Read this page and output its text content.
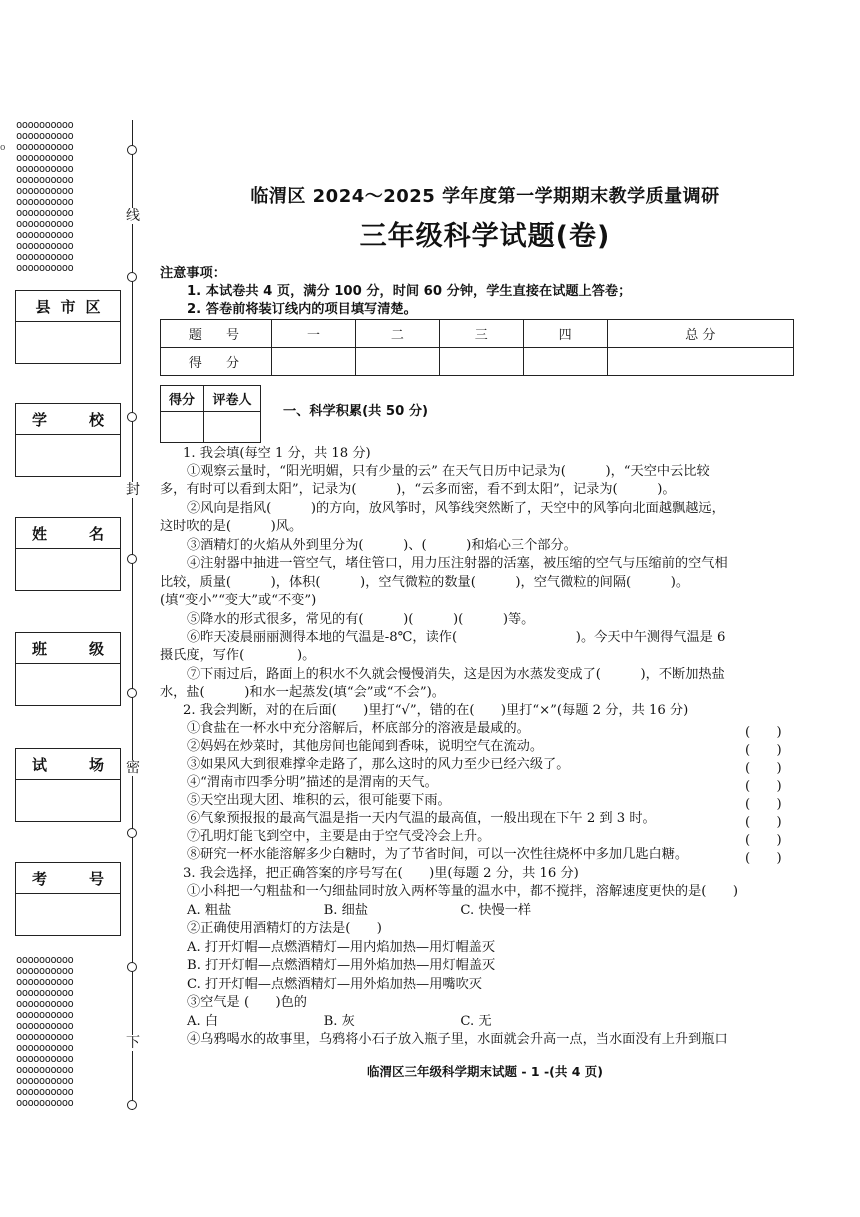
oooooooooo
oooooooooo
oooooooooo
oooooooooo
oooooooooo
oooooooooo
oooooooooo
oooooooooo
oooooooooo
oooooooooo
oooooooooo
oooooooooo
oooooooooo
oooooooooo
oooooooooo
oooooooooo
oooooooooo
oooooooooo
oooooooooo
oooooooooo
oooooooooo
oooooooooo
oooooooooo
oooooooooo
oooooooooo
oooooooooo
oooooooooo
oooooooooo
o
线
封
密
下
县 市 区
学	校
姓	名
班	级
试	场
考	号
临渭区 2024～2025 学年度第一学期期末教学质量调研
三年级科学试题(卷)
注意事项：
1. 本试卷共 4 页，满分 100 分，时间 60 分钟，学生直接在试题上答卷；
2. 答卷前将装订线内的项目填写清楚。
题 号	一	二	三	四	总 分
得 分					
得分	评卷人

一、科学积累(共 50 分)
1. 我会填(每空 1 分，共 18 分)
①观察云量时，“阳光明媚，只有少量的云” 在天气日历中记录为(　　　)，“天空中云比较
多，有时可以看到太阳”，记录为(　　　)，“云多而密，看不到太阳”，记录为(　　　)。
②风向是指风(　　　)的方向，放风筝时，风筝线突然断了，天空中的风筝向北面越飘越远，
这时吹的是(　　　)风。
③酒精灯的火焰从外到里分为(　　　)、(　　　)和焰心三个部分。
④注射器中抽进一管空气，堵住管口，用力压注射器的活塞，被压缩的空气与压缩前的空气相
比较，质量(　　　)，体积(　　　)，空气微粒的数量(　　　)，空气微粒的间隔(　　　)。
(填“变小”“变大”或“不变”)
⑤降水的形式很多，常见的有(　　　)(　　　)(　　　)等。
⑥昨天凌晨丽丽测得本地的气温是-8℃，读作(　　　　　　　　　)。今天中午测得气温是 6
摄氏度，写作(　　　　)。
⑦下雨过后，路面上的积水不久就会慢慢消失，这是因为水蒸发变成了(　　　)，不断加热盐
水，盐(　　　)和水一起蒸发(填“会”或“不会”)。
2. 我会判断，对的在后面(　　)里打“√”，错的在(　　)里打“×”(每题 2 分，共 16 分)
①食盐在一杯水中充分溶解后，杯底部分的溶液是最咸的。	(　　)
②妈妈在炒菜时，其他房间也能闻到香味，说明空气在流动。	(　　)
③如果风大到很难撑伞走路了，那么这时的风力至少已经六级了。	(　　)
④“渭南市四季分明”描述的是渭南的天气。	(　　)
⑤天空出现大团、堆积的云，很可能要下雨。	(　　)
⑥气象预报报的最高气温是指一天内气温的最高值，一般出现在下午 2 到 3 时。	(　　)
⑦孔明灯能飞到空中，主要是由于空气受冷会上升。	(　　)
⑧研究一杯水能溶解多少白糖时，为了节省时间，可以一次性往烧杯中多加几匙白糖。	(　　)
3. 我会选择，把正确答案的序号写在(　　)里(每题 2 分，共 16 分)
①小科把一勺粗盐和一勺细盐同时放入两杯等量的温水中，都不搅拌，溶解速度更快的是(　　)
A. 粗盐　　　　　　　B. 细盐　　　　　　　C. 快慢一样
②正确使用酒精灯的方法是(　　)
A. 打开灯帽—点燃酒精灯—用内焰加热—用灯帽盖灭
B. 打开灯帽—点燃酒精灯—用外焰加热—用灯帽盖灭
C. 打开灯帽—点燃酒精灯—用外焰加热—用嘴吹灭
③空气是 (　　)色的
A. 白　　　　　　　　B. 灰　　　　　　　　C. 无
④乌鸦喝水的故事里，乌鸦将小石子放入瓶子里，水面就会升高一点，当水面没有上升到瓶口
临渭区三年级科学期末试题 - 1 -(共 4 页)
